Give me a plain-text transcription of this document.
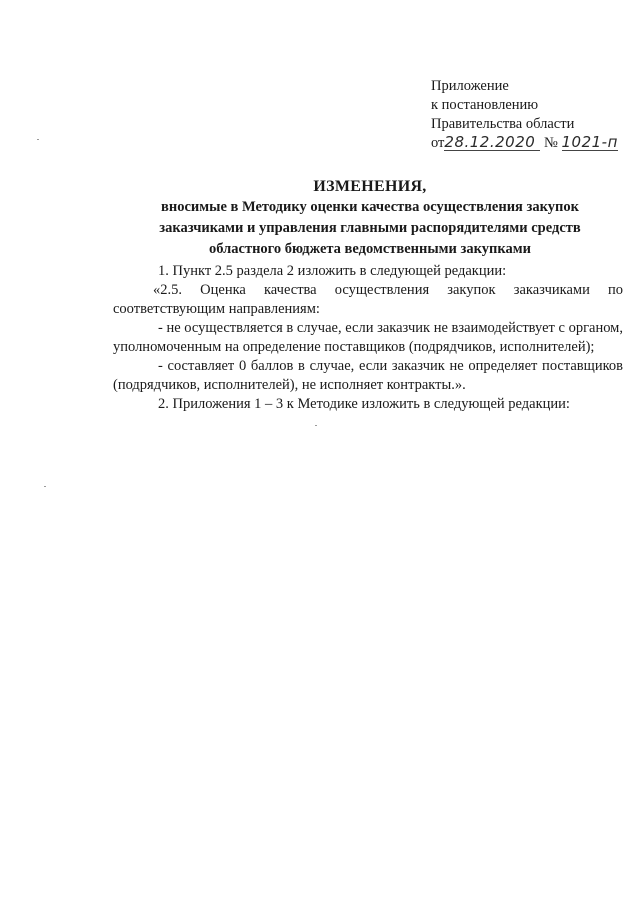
Приложение
к постановлению
Правительства области
от28.12.2020 № 1021-п
ИЗМЕНЕНИЯ,
вносимые в Методику оценки качества осуществления закупок
заказчиками и управления главными распорядителями средств
областного бюджета ведомственными закупками

1. Пункт 2.5 раздела 2 изложить в следующей редакции:

«2.5. Оценка качества осуществления закупок заказчиками по соответствующим направлениям:

- не осуществляется в случае, если заказчик не взаимодействует с органом, уполномоченным на определение поставщиков (подрядчиков, исполнителей);

- составляет 0 баллов в случае, если заказчик не определяет поставщиков (подрядчиков, исполнителей), не исполняет контракты.».

2. Приложения 1 – 3 к Методике изложить в следующей редакции:
